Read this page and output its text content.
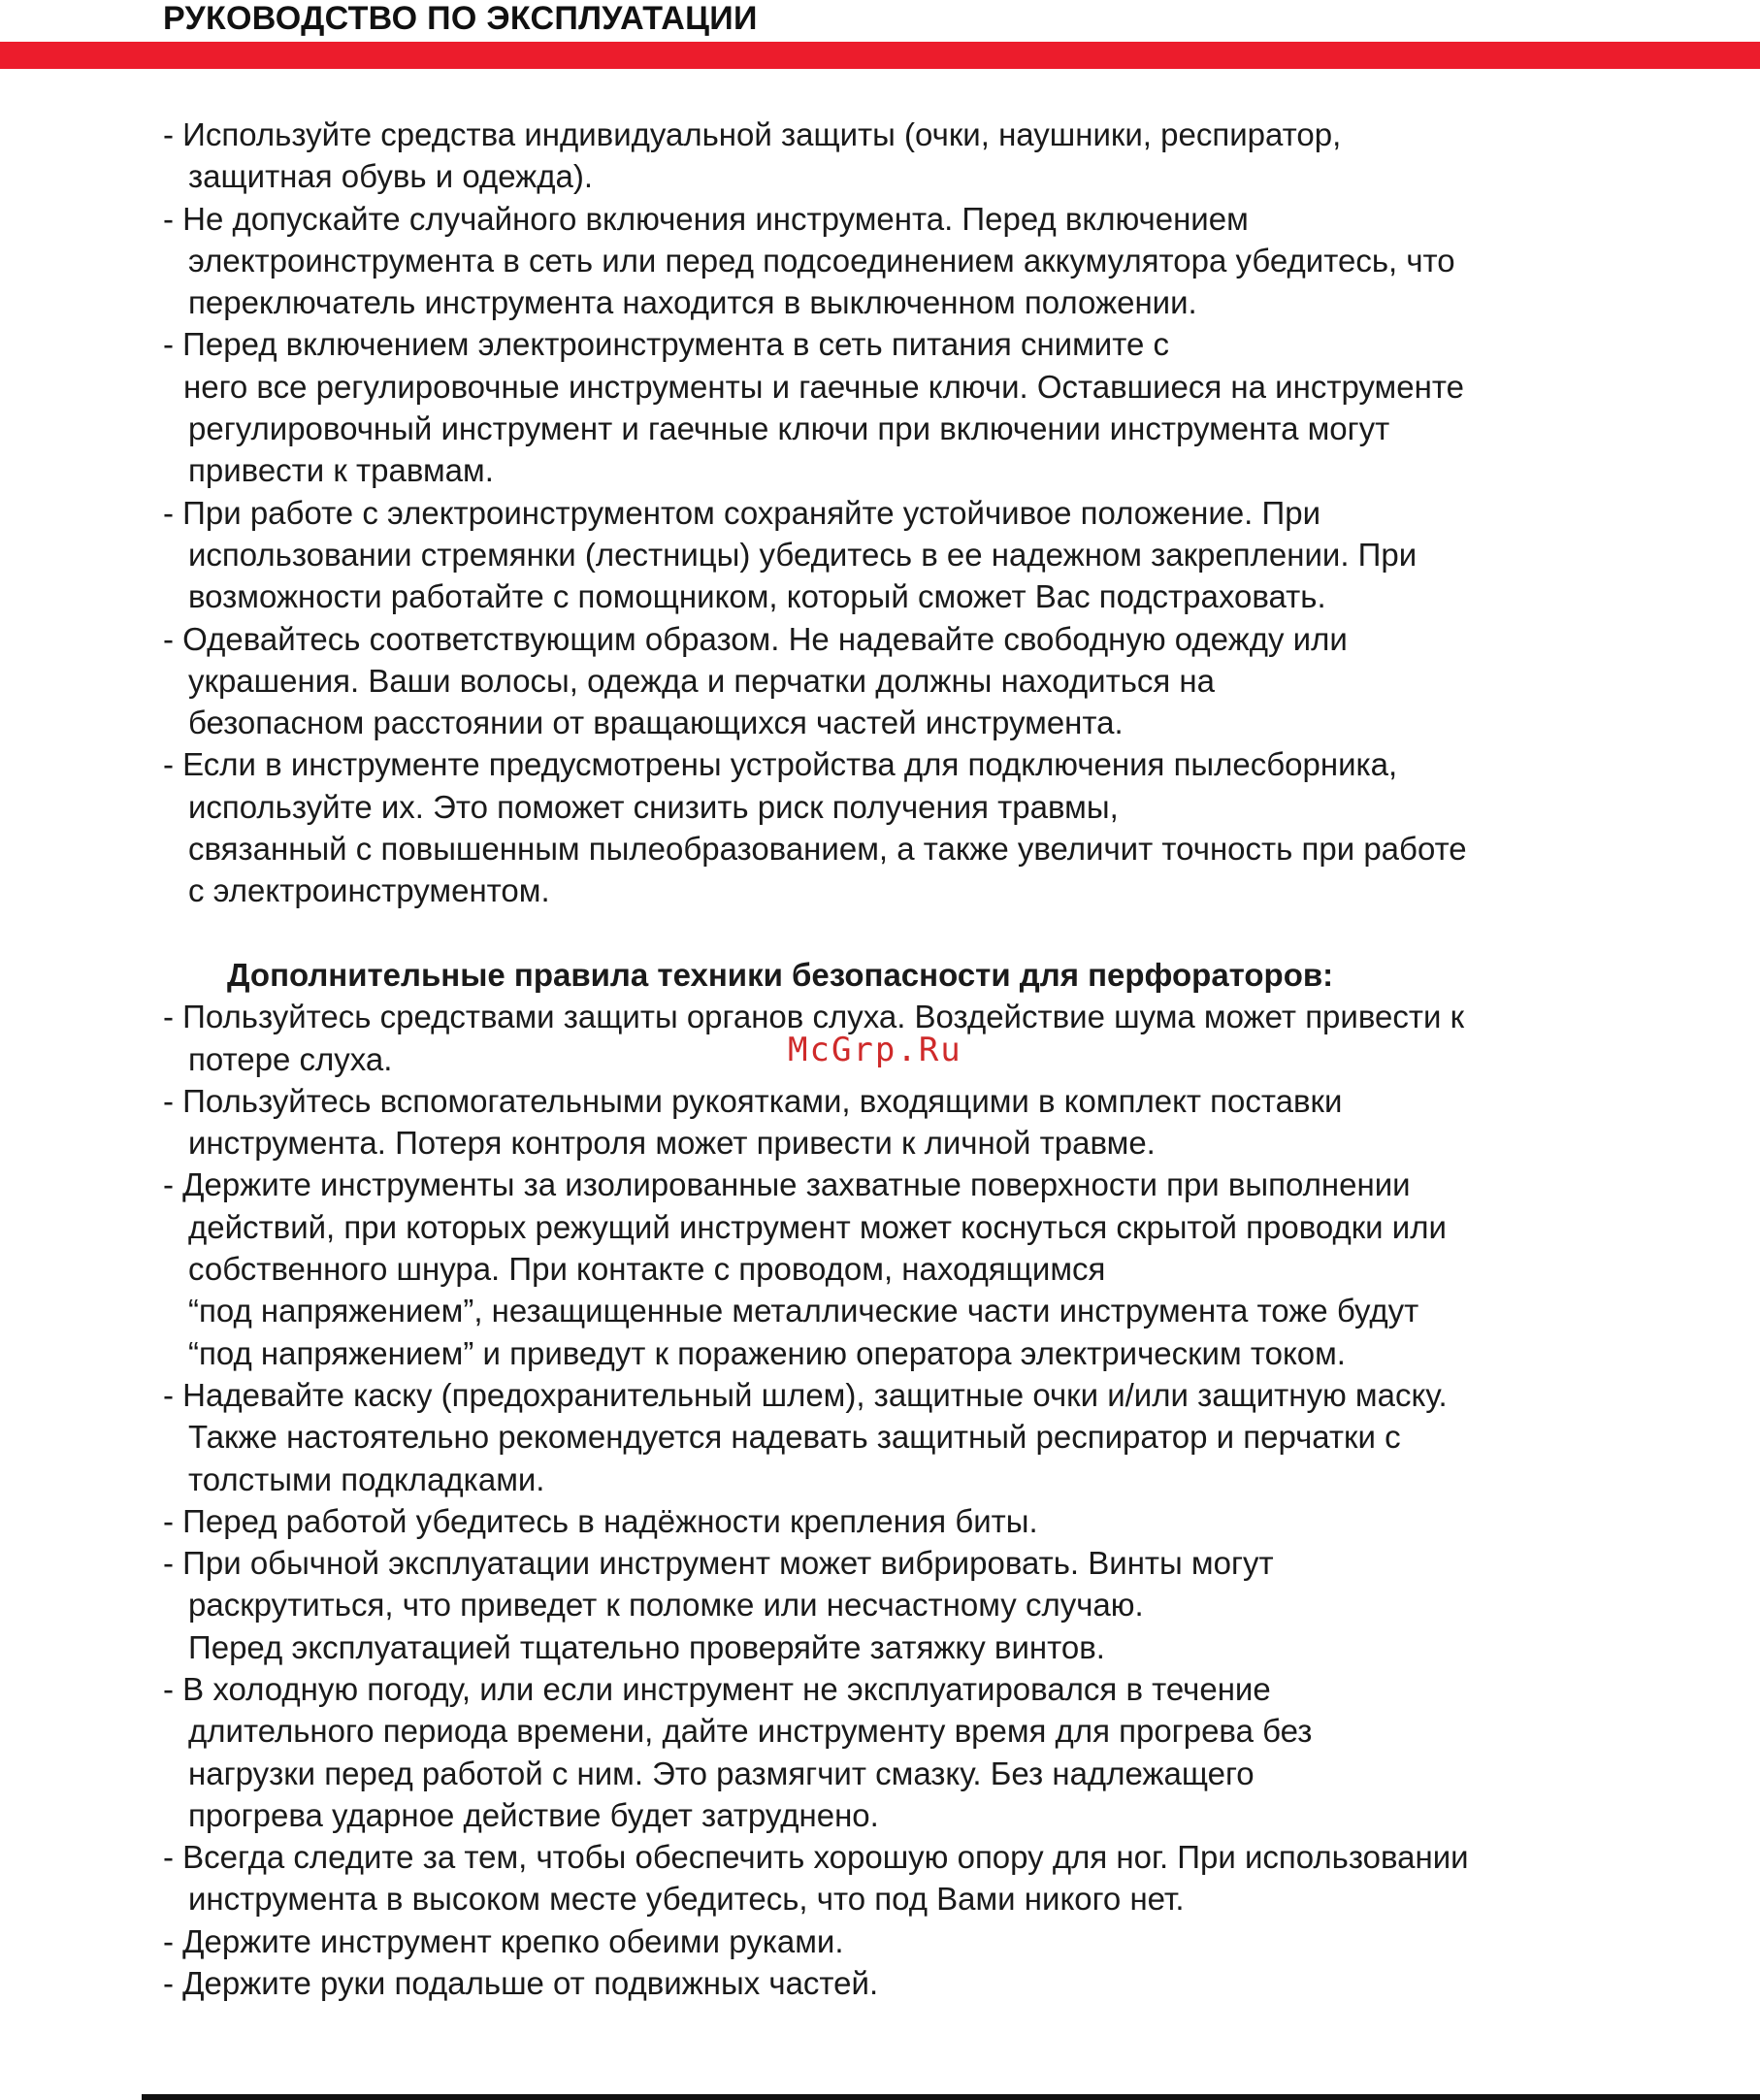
РУКОВОДСТВО ПО ЭКСПЛУАТАЦИИ
- Используйте средства индивидуальной защиты (очки, наушники, респиратор,
защитная обувь и одежда).
- Не допускайте случайного включения инструмента. Перед включением
электроинструмента в сеть или перед подсоединением аккумулятора убедитесь, что
переключатель инструмента находится в выключенном положении.
- Перед включением электроинструмента в сеть питания снимите с
него все регулировочные инструменты и гаечные ключи. Оставшиеся на инструменте
регулировочный инструмент и гаечные ключи при включении инструмента могут
привести к травмам.
- При работе с электроинструментом сохраняйте устойчивое положение. При
использовании стремянки (лестницы) убедитесь в ее надежном закреплении. При
возможности работайте с помощником, который сможет Вас подстраховать.
- Одевайтесь соответствующим образом. Не надевайте свободную одежду или
украшения. Ваши волосы, одежда и перчатки должны находиться на
безопасном расстоянии от вращающихся частей инструмента.
- Если в инструменте предусмотрены устройства для подключения пылесборника,
используйте их. Это поможет снизить риск получения травмы,
связанный с повышенным пылеобразованием, а также увеличит точность при работе
с электроинструментом.
Дополнительные правила техники безопасности для перфораторов:
- Пользуйтесь средствами защиты органов слуха. Воздействие шума может привести к
потере слуха.
- Пользуйтесь вспомогательными рукоятками, входящими в комплект поставки
инструмента. Потеря контроля может привести к личной травме.
- Держите инструменты за изолированные захватные поверхности при выполнении
действий, при которых режущий инструмент может коснуться скрытой проводки или
собственного шнура. При контакте с проводом, находящимся
“под напряжением”, незащищенные металлические части инструмента тоже будут
“под напряжением” и приведут к поражению оператора электрическим током.
- Надевайте каску (предохранительный шлем), защитные очки и/или защитную маску.
Также настоятельно рекомендуется надевать защитный респиратор и перчатки с
толстыми подкладками.
- Перед работой убедитесь в надёжности крепления биты.
- При обычной эксплуатации инструмент может вибрировать. Винты могут
раскрутиться, что приведет к поломке или несчастному случаю.
Перед эксплуатацией тщательно проверяйте затяжку винтов.
- В холодную погоду, или если инструмент не эксплуатировался в течение
длительного периода времени, дайте инструменту время для прогрева без
нагрузки перед работой с ним. Это размягчит смазку. Без надлежащего
прогрева ударное действие будет затруднено.
- Всегда следите за тем, чтобы обеспечить хорошую опору для ног. При использовании
инструмента в высоком месте убедитесь, что под Вами никого нет.
- Держите инструмент крепко обеими руками.
- Держите руки подальше от подвижных частей.
McGrp.Ru
